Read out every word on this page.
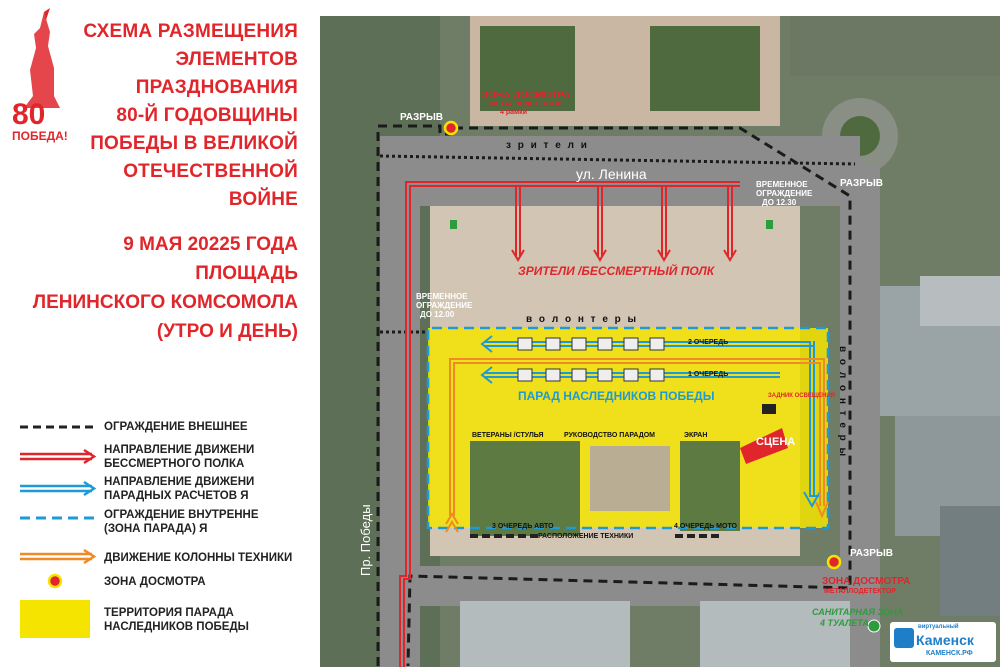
80
ПОБЕДА!
СХЕМА РАЗМЕЩЕНИЯ
ЭЛЕМЕНТОВ
ПРАЗДНОВАНИЯ
80-Й ГОДОВЩИНЫ
ПОБЕДЫ В ВЕЛИКОЙ
ОТЕЧЕСТВЕННОЙ ВОЙНЕ
9 МАЯ 20225 ГОДА
ПЛОЩАДЬ
ЛЕНИНСКОГО КОМСОМОЛА
(УТРО И ДЕНЬ)
ОГРАЖДЕНИЕ ВНЕШНЕЕ
НАПРАВЛЕНИЕ ДВИЖЕНИ
БЕССМЕРТНОГО ПОЛКА
НАПРАВЛЕНИЕ ДВИЖЕНИ
ПАРАДНЫХ РАСЧЕТОВ Я
ОГРАЖДЕНИЕ ВНУТРЕННЕ
(ЗОНА ПАРАДА) Я
ДВИЖЕНИЕ КОЛОННЫ ТЕХНИКИ
ЗОНА ДОСМОТРА
ТЕРРИТОРИЯ ПАРАДА
НАСЛЕДНИКОВ ПОБЕДЫ
ЗОНА ДОСМОТРА
МЕТАЛЛОДЕТЕКТОР
4 рамки
РАЗРЫВ
РАЗРЫВ
РАЗРЫВ
з р и т е л и
ул. Ленина
ВРЕМЕННОЕ
ОГРАЖДЕНИЕ
ДО 12.30
ЗРИТЕЛИ /БЕССМЕРТНЫЙ ПОЛК
ВРЕМЕННОЕ
ОГРАЖДЕНИЕ
ДО 12.00	в о л о н т е р ы
в о л о н т е р ы
2 ОЧЕРЕДЬ
1 ОЧЕРЕДЬ
ПАРАД НАСЛЕДНИКОВ ПОБЕДЫ
ВЕТЕРАНЫ /СТУЛЬЯ	РУКОВОДСТВО ПАРАДОМ	ЭКРАН
СЦЕНА
ЗАДНИК ОСВЕЩЕНИЯ
3 ОЧЕРЕДЬ АВТО	4 ОЧЕРЕДЬ МОТО
РАСПОЛОЖЕНИЕ ТЕХНИКИ
Пр. Победы
ЗОНА ДОСМОТРА
МЕТАЛЛОДЕТЕКТОР
САНИТАРНАЯ ЗОНА
4 ТУАЛЕТА	виртуальный
Каменск
КАМЕНСК.РФ
